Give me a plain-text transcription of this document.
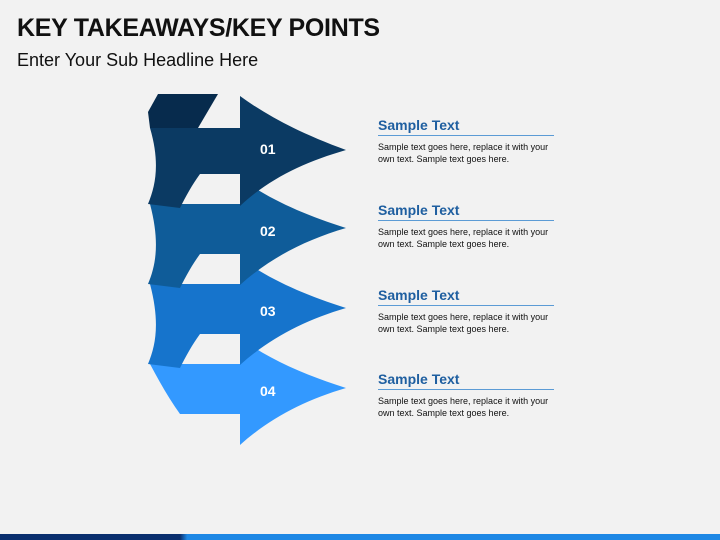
KEY TAKEAWAYS/KEY POINTS
Enter Your Sub Headline Here
01
02
03
04
Sample Text
Sample text goes here, replace it with your own text. Sample text goes here.
Sample Text
Sample text goes here, replace it with your own text. Sample text goes here.
Sample Text
Sample text goes here, replace it with your own text. Sample text goes here.
Sample Text
Sample text goes here, replace it with your own text. Sample text goes here.
